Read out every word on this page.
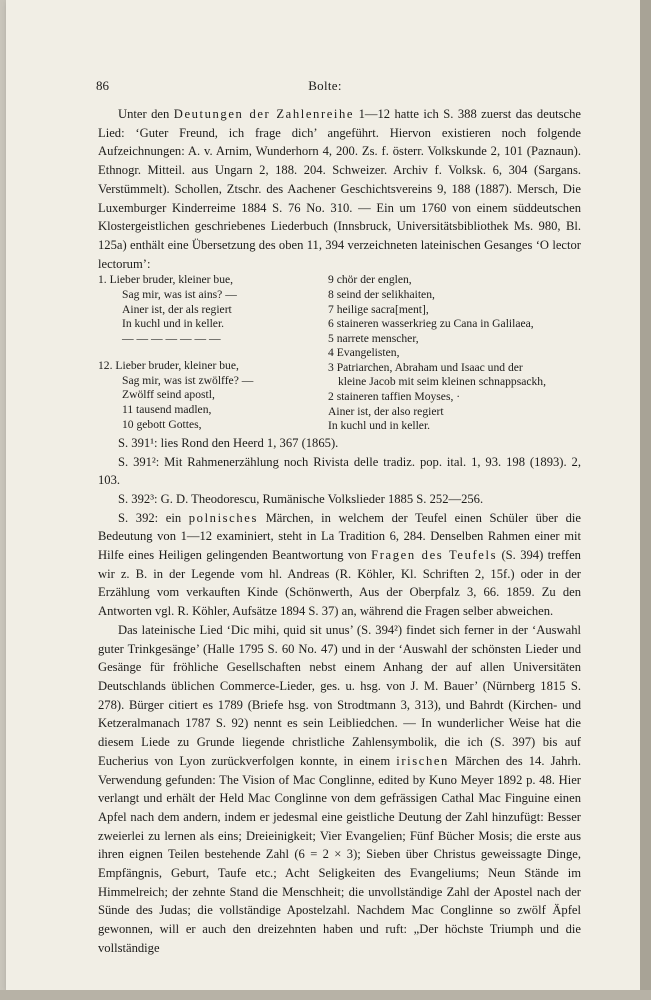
86	Bolte:

Unter den Deutungen der Zahlenreihe 1—12 hatte ich S. 388 zuerst das deutsche Lied: ‘Guter Freund, ich frage dich’ angeführt. Hiervon existieren noch folgende Aufzeichnungen: A. v. Arnim, Wunderhorn 4, 200. Zs. f. österr. Volkskunde 2, 101 (Paznaun). Ethnogr. Mitteil. aus Ungarn 2, 188. 204. Schweizer. Archiv f. Volksk. 6, 304 (Sargans. Verstümmelt). Schollen, Ztschr. des Aachener Geschichtsvereins 9, 188 (1887). Mersch, Die Luxemburger Kinderreime 1884 S. 76 No. 310. — Ein um 1760 von einem süddeutschen Klostergeistlichen geschriebenes Liederbuch (Innsbruck, Universitätsbibliothek Ms. 980, Bl. 125a) enthält eine Übersetzung des oben 11, 394 verzeichneten lateinischen Gesanges ‘O lector lectorum’:

1. Lieber bruder, kleiner bue,
Sag mir, was ist ains? —
Ainer ist, der als regiert
In kuchl und in keller.
— — — — — — —
12. Lieber bruder, kleiner bue,
Sag mir, was ist zwölffe? —
Zwölff seind apostl,
11 tausend madlen,
10 gebott Gottes,
9 chör der englen,
8 seind der selikhaiten,
7 heilige sacra[ment],
6 staineren wasserkrieg zu Cana in Galilaea,
5 narrete menscher,
4 Evangelisten,
3 Patriarchen, Abraham und Isaac und der
kleine Jacob mit seim kleinen schnappsackh,
2 staineren taffien Moyses, ·
Ainer ist, der also regiert
In kuchl und in keller.

S. 391¹: lies Rond den Heerd 1, 367 (1865).

S. 391²: Mit Rahmenerzählung noch Rivista delle tradiz. pop. ital. 1, 93. 198 (1893). 2, 103.

S. 392³: G. D. Theodorescu, Rumänische Volkslieder 1885 S. 252—256.

S. 392: ein polnisches Märchen, in welchem der Teufel einen Schüler über die Bedeutung von 1—12 examiniert, steht in La Tradition 6, 284. Denselben Rahmen einer mit Hilfe eines Heiligen gelingenden Beantwortung von Fragen des Teufels (S. 394) treffen wir z. B. in der Legende vom hl. Andreas (R. Köhler, Kl. Schriften 2, 15f.) oder in der Erzählung vom verkauften Kinde (Schönwerth, Aus der Oberpfalz 3, 66. 1859. Zu den Antworten vgl. R. Köhler, Aufsätze 1894 S. 37) an, während die Fragen selber abweichen.

Das lateinische Lied ‘Dic mihi, quid sit unus’ (S. 394²) findet sich ferner in der ‘Auswahl guter Trinkgesänge’ (Halle 1795 S. 60 No. 47) und in der ‘Auswahl der schönsten Lieder und Gesänge für fröhliche Gesellschaften nebst einem Anhang der auf allen Universitäten Deutschlands üblichen Commerce-Lieder, ges. u. hsg. von J. M. Bauer’ (Nürnberg 1815 S. 278). Bürger citiert es 1789 (Briefe hsg. von Strodtmann 3, 313), und Bahrdt (Kirchen- und Ketzeralmanach 1787 S. 92) nennt es sein Leibliedchen. — In wunderlicher Weise hat die diesem Liede zu Grunde liegende christliche Zahlensymbolik, die ich (S. 397) bis auf Eucherius von Lyon zurückverfolgen konnte, in einem irischen Märchen des 14. Jahrh. Verwendung gefunden: The Vision of Mac Conglinne, edited by Kuno Meyer 1892 p. 48. Hier verlangt und erhält der Held Mac Conglinne von dem gefrässigen Cathal Mac Finguine einen Apfel nach dem andern, indem er jedesmal eine geistliche Deutung der Zahl hinzufügt: Besser zweierlei zu lernen als eins; Dreieinigkeit; Vier Evangelien; Fünf Bücher Mosis; die erste aus ihren eignen Teilen bestehende Zahl (6 = 2 × 3); Sieben über Christus geweissagte Dinge, Empfängnis, Geburt, Taufe etc.; Acht Seligkeiten des Evangeliums; Neun Stände im Himmelreich; der zehnte Stand die Menschheit; die unvollständige Zahl der Apostel nach der Sünde des Judas; die vollständige Apostelzahl. Nachdem Mac Conglinne so zwölf Äpfel gewonnen, will er auch den dreizehnten haben und ruft: „Der höchste Triumph und die vollständige
